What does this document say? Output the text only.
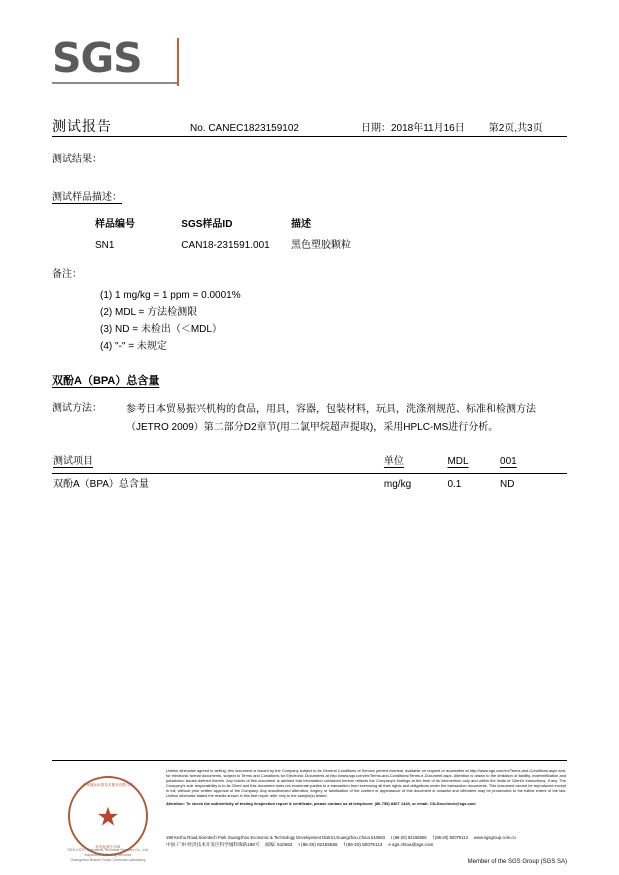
SGS
测试报告	No. CANEC1823159102	日期：2018年11月16日 第2页,共3页
测试结果：
测试样品描述：
样品编号	SGS样品ID	描述
SN1	CAN18-231591.001	黑色塑胶颗粒
备注：
(1) 1 mg/kg = 1 ppm = 0.0001%
(2) MDL = 方法检测限
(3) ND = 未检出（＜MDL）
(4) "-" = 未规定
双酚A（BPA）总含量
测试方法：	参考日本贸易振兴机构的食品，用具，容器，包装材料，玩具，洗涤剂规范、标准和检测方法（JETRO 2009）第二部分D2章节(用二氯甲烷超声提取)，采用HPLC-MS进行分析。
测试项目	单位	MDL	001
双酚A（BPA）总含量	mg/kg	0.1	ND
广州通标标准技术服务有限公司
★
检验检测专用章
SGS-CSTC Standards Technical Services Co., Ltd.
Inspection & Testing Services
Guangzhou Branch Ruiyu Chemical Laboratory
Unless otherwise agreed in writing, this document is issued by the Company subject to its General Conditions of Service printed overleaf, available on request or accessible at http://www.sgs.com/en/Terms-and-Conditions.aspx and, for electronic format documents, subject to Terms and Conditions for Electronic Documents at http://www.sgs.com/en/Terms-and-Conditions/Terms-e-Document.aspx. Attention is drawn to the limitation of liability, indemnification and jurisdiction issues defined therein. Any holder of this document is advised that information contained hereon reflects the Company's findings at the time of its intervention only and within the limits of Client's instructions, if any. The Company's sole responsibility is to its Client and this document does not exonerate parties to a transaction from exercising all their rights and obligations under the transaction documents. This document cannot be reproduced except in full, without prior written approval of the Company. Any unauthorized alteration, forgery or falsification of the content or appearance of this document is unlawful and offenders may be prosecuted to the fullest extent of the law. Unless otherwise stated the results shown in this test report refer only to the sample(s) tested.
Attention: To check the authenticity of testing /inspection report & certificate, please contact us at telephone: (86-755) 8307 1443, or email: CN.Doccheck@sgs.com
198 Kezhu Road,Scientech Park Guangzhou Economic & Technology Development District,Guangzhou,China 510663 t (86-20) 82155555 f (86-20) 82075113 www.sgsgroup.com.cn
中国·广州·经济技术开发区科学城科珠路198号 邮编: 510663 t (86-20) 82155555 f (86-20) 82075113 e sgs.china@sgs.com
Member of the SGS Group (SGS SA)
